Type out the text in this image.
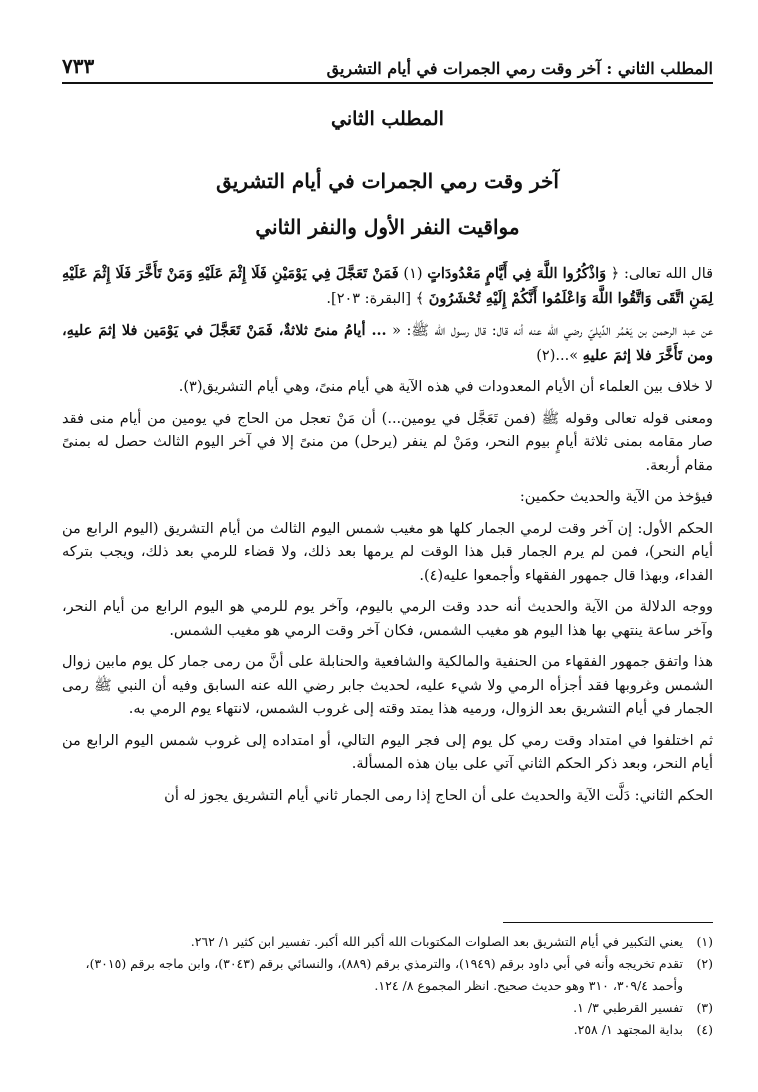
المطلب الثاني : آخر وقت رمي الجمرات في أيام التشريق
٧٣٣
المطلب الثاني
آخر وقت رمي الجمرات في أيام التشريق
مواقيت النفر الأول والنفر الثاني

قال الله تعالى: ﴿ وَاذْكُرُوا اللَّهَ فِي أَيَّامٍ مَعْدُودَاتٍ (١) فَمَنْ تَعَجَّلَ فِي يَوْمَيْنِ فَلَا إِثْمَ عَلَيْهِ وَمَنْ تَأَخَّرَ فَلَا إِثْمَ عَلَيْهِ لِمَنِ اتَّقَى وَاتَّقُوا اللَّهَ وَاعْلَمُوا أَنَّكُمْ إِلَيْهِ تُحْشَرُونَ ﴾ [البقرة: ٢٠٣].

عن عبد الرحمن بن يَعْمُر الدِّيليّ رضي الله عنه أنه قال: قال رسول الله ﷺ: « ... أيامُ منىً ثلاثةٌ، فَمَنْ تَعَجَّلَ في يَوْمَين فلا إثمَ عليهِ، ومن تَأَخَّرَ فلا إثمَ عليهِ »...(٢)

لا خلاف بين العلماء أن الأيام المعدودات في هذه الآية هي أيام منىً، وهي أيام التشريق(٣).

ومعنى قوله تعالى وقوله ﷺ (فمن تَعَجَّل في يومين...) أن مَنْ تعجل من الحاج في يومين من أيام منى فقد صار مقامه بمنى ثلاثة أيامٍ بيوم النحر، ومَنْ لم ينفر (يرحل) من منىً إلا في آخر اليوم الثالث حصل له بمنىً مقام أربعة.

فيؤخذ من الآية والحديث حكمين:

الحكم الأول: إن آخر وقت لرمي الجمار كلها هو مغيب شمس اليوم الثالث من أيام التشريق (اليوم الرابع من أيام النحر)، فمن لم يرم الجمار قبل هذا الوقت لم يرمها بعد ذلك، ولا قضاء للرمي بعد ذلك، ويجب بتركه الفداء، وبهذا قال جمهور الفقهاء وأجمعوا عليه(٤).

ووجه الدلالة من الآية والحديث أنه حدد وقت الرمي باليوم، وآخر يوم للرمي هو اليوم الرابع من أيام النحر، وآخر ساعة ينتهي بها هذا اليوم هو مغيب الشمس، فكان آخر وقت الرمي هو مغيب الشمس.

هذا واتفق جمهور الفقهاء من الحنفية والمالكية والشافعية والحنابلة على أنَّ من رمى جمار كل يوم مابين زوال الشمس وغروبها فقد أجزأه الرمي ولا شيء عليه، لحديث جابر رضي الله عنه السابق وفيه أن النبي ﷺ رمى الجمار في أيام التشريق بعد الزوال، ورميه هذا يمتد وقته إلى غروب الشمس، لانتهاء يوم الرمي به.

ثم اختلفوا في امتداد وقت رمي كل يوم إلى فجر اليوم التالي، أو امتداده إلى غروب شمس اليوم الرابع من أيام النحر، وبعد ذكر الحكم الثاني آتي على بيان هذه المسألة.

الحكم الثاني: دَلَّت الآية والحديث على أن الحاج إذا رمى الجمار ثاني أيام التشريق يجوز له أن

(١)
يعني التكبير في أيام التشريق بعد الصلوات المكتوبات الله أكبر الله أكبر. تفسير ابن كثير ١/ ٢٦٢.
(٢)
تقدم تخريجه وأنه في أبي داود برقم (١٩٤٩)، والترمذي برقم (٨٨٩)، والنسائي برقم (٣٠٤٣)، وابن ماجه برقم (٣٠١٥)، وأحمد ٣٠٩/٤، ٣١٠ وهو حديث صحيح. انظر المجموع ٨/ ١٢٤.
(٣)
تفسير القرطبي ٣/ ١.
(٤)
بداية المجتهد ١/ ٢٥٨.
